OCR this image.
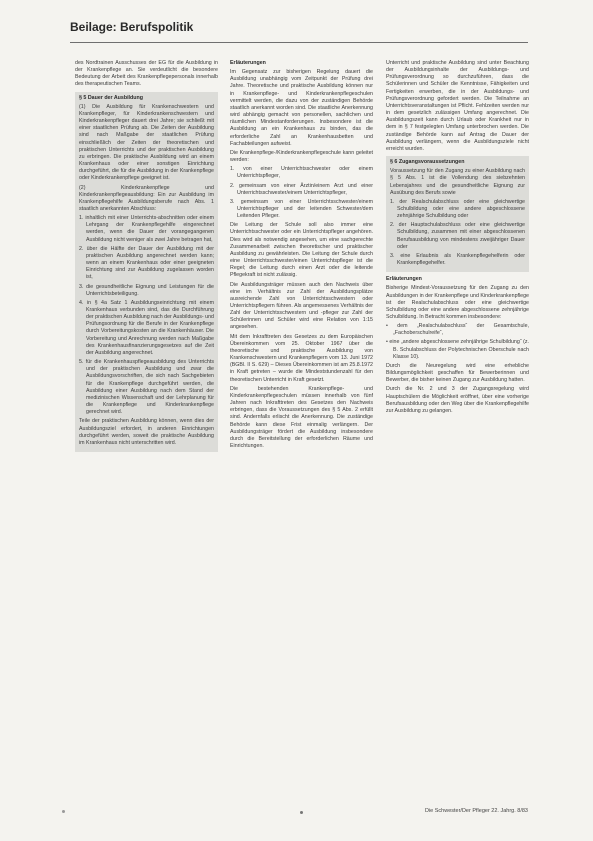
Beilage: Berufspolitik

des Nordtrainen Ausschusses der EG für die Ausbildung in der Krankenpflege an. Sie verdeutlicht die besondere Bedeutung der Arbeit des Krankenpflegepersonals innerhalb des therapeutischen Teams.

§ 5 Dauer der Ausbildung

(1) Die Ausbildung für Krankenschwestern und Krankenpfleger, für Kinderkrankenschwestern und Kinderkrankenpfleger dauert drei Jahre; sie schließt mit einer staatlichen Prüfung ab. Die Zeiten der Ausbildung sind nach Maßgabe der staatlichen Prüfung einschließlich der Zeiten der theoretischen und praktischen Unterrichts und der praktischen Ausbildung zu erbringen. Die praktische Ausbildung wird an einem Krankenhaus oder einer sonstigen Einrichtung durchgeführt, die für die Ausbildung in der Krankenpflege oder Kinderkrankenpflege geeignet ist.

(2) Kinderkrankenpflege und Kinderkrankenpflegeausbildung: Ein zur Ausbildung im Krankenpflegehilfe Ausbildungsberufe nach Abs. 1 staatlich anerkannten Abschluss:

1. inhaltlich mit einer Unterrichts-abschnitten oder einem Lehrgang der Krankenpflegehilfe eingerechnet werden, wenn die Dauer der vorangegangenen Ausbildung nicht weniger als zwei Jahre betragen hat,

2. über die Hälfte der Dauer der Ausbildung mit der praktischen Ausbildung angerechnet werden kann; wenn an einem Krankenhaus oder einer geeigneten Einrichtung sind zur Ausbildung zugelassen worden ist,

3. die gesundheitliche Eignung und Leistungen für die Unterrichtsbeteiligung.

4. in § 4a Satz 1 Ausbildungseinrichtung mit einem Krankenhaus verbunden sind, das die Durchführung der praktischen Ausbildung nach der Ausbildungs- und Prüfungsordnung für die Berufe in der Krankenpflege durch Vorbereitungskosten an die Krankenhäuser. Die Vorbereitung und Anrechnung werden nach Maßgabe des Krankenhausfinanzierungsgesetzes auf die Zeit der Ausbildung angerechnet.

5. für die Krankenhauspflegeausbildung des Unterrichts und der praktischen Ausbildung und zwar die Ausbildungsvorschriften, die sich nach Sachgebieten für die Krankenpflege durchgeführt werden, die Ausbildung einer Ausbildung nach dem Stand der medizinischen Wissenschaft und der Lehrplanung für die Krankenpflege und Kinderkrankenpflege gerechnet wird.

Teile der praktischen Ausbildung können, wenn dies der Ausbildungsziel erfordert, in anderen Einrichtungen durchgeführt werden, soweit die praktische Ausbildung im Krankenhaus nicht unterschritten wird.

Erläuterungen

Im Gegensatz zur bisherigen Regelung dauert die Ausbildung unabhängig vom Zeitpunkt der Prüfung drei Jahre. Theoretische und praktische Ausbildung können nur in Krankenpflege- und Kinderkrankenpflegeschulen vermittelt werden, die dazu von der zuständigen Behörde staatlich anerkannt worden sind. Die staatliche Anerkennung wird abhängig gemacht von personellen, sachlichen und räumlichen Mindestanforderungen. Insbesondere ist die Ausbildung an ein Krankenhaus zu binden, das die erforderliche Zahl an Krankenhausbetten und Fachabteilungen aufweist.

Die Krankenpflege-/Kinderkrankenpflegeschule kann geleitet werden:

1. von einer Unterrichtsschwester oder einem Unterrichtspfleger,

2. gemeinsam von einer Ärztin/einem Arzt und einer Unterrichtsschwester/einem Unterrichtspfleger,

3. gemeinsam von einer Unterrichtsschwester/einem Unterrichtspfleger und der leitenden Schwester/dem Leitenden Pfleger.

Die Leitung der Schule soll also immer eine Unterrichtsschwester oder ein Unterrichtspfleger angehören. Dies wird als notwendig angesehen, um eine sachgerechte Zusammenarbeit zwischen theoretischer und praktischer Ausbildung zu gewährleisten. Die Leitung der Schule durch eine Unterrichtsschwester/einen Unterrichtspfleger ist die Regel; die Leitung durch einen Arzt oder die leitende Pflegekraft ist nicht zulässig.

Die Ausbildungsträger müssen auch den Nachweis über eine im Verhältnis zur Zahl der Ausbildungsplätze ausreichende Zahl von Unterrichtsschwestern oder Unterrichtspflegern führen. Als angemessenes Verhältnis der Zahl der Unterrichtsschwestern und -pfleger zur Zahl der Schülerinnen und Schüler wird eine Relation von 1:15 angesehen.

Mit dem Inkrafttreten des Gesetzes zu dem Europäischen Übereinkommen vom 25. Oktober 1967 über die theoretische und praktische Ausbildung von Krankenschwestern und Krankenpflegern vom 13. Juni 1972 (BGBl. II S. 629) – Dieses Übereinkommen ist am 25.8.1972 in Kraft getreten – wurde die Mindeststundenzahl für den theoretischen Unterricht in Kraft gesetzt.

Die bestehenden Krankenpflege- und Kinderkrankenpflegeschulen müssen innerhalb von fünf Jahren nach Inkrafttreten des Gesetzes den Nachweis erbringen, dass die Voraussetzungen des § 5 Abs. 2 erfüllt sind. Andernfalls erlischt die Anerkennung. Die zuständige Behörde kann diese Frist einmalig verlängern. Der Ausbildungsträger fördert die Ausbildung insbesondere durch die Bereitstellung der erforderlichen Räume und Einrichtungen.

Unterricht und praktische Ausbildung sind unter Beachtung der Ausbildungsinhalte der Ausbildungs- und Prüfungsverordnung so durchzuführen, dass die Schülerinnen und Schüler die Kenntnisse, Fähigkeiten und Fertigkeiten erwerben, die in der Ausbildungs- und Prüfungsverordnung gefordert werden. Die Teilnahme an Unterrichtsveranstaltungen ist Pflicht. Fehlzeiten werden nur in dem gesetzlich zulässigen Umfang angerechnet. Die Ausbildungszeit kann durch Urlaub oder Krankheit nur in dem in § 7 festgelegten Umfang unterbrochen werden. Die zuständige Behörde kann auf Antrag die Dauer der Ausbildung verlängern, wenn die Ausbildungsziele nicht erreicht wurden.

§ 6 Zugangsvoraussetzungen

Voraussetzung für den Zugang zu einer Ausbildung nach § 5 Abs. 1 ist die Vollendung des siebzehnten Lebensjahres und die gesundheitliche Eignung zur Ausübung des Berufs sowie

1. der Realschulabschluss oder eine gleichwertige Schulbildung oder eine andere abgeschlossene zehnjährige Schulbildung oder

2. der Hauptschulabschluss oder eine gleichwertige Schulbildung, zusammen mit einer abgeschlossenen Berufsausbildung von mindestens zweijähriger Dauer oder

3. eine Erlaubnis als Krankenpflegehelferin oder Krankenpflegehelfer.

Erläuterungen

Bisherige Mindest-Voraussetzung für den Zugang zu den Ausbildungen in der Krankenpflege und Kinderkrankenpflege ist der Realschulabschluss oder eine gleichwertige Schulbildung oder eine andere abgeschlossene zehnjährige Schulbildung. In Betracht kommen insbesondere:

• dem „Realschulabschluss“ der Gesamtschule, „Fachoberschulreife“,

• eine „andere abgeschlossene zehnjährige Schulbildung“ (z. B. Schulabschluss der Polytechnischen Oberschule nach Klasse 10).

Durch die Neuregelung wird eine erhebliche Bildungsmöglichkeit geschaffen für Bewerberinnen und Bewerber, die bisher keinen Zugang zur Ausbildung hatten.

Durch die Nr. 2 und 3 der Zugangsregelung wird Hauptschülern die Möglichkeit eröffnet, über eine vorherige Berufsausbildung oder den Weg über die Krankenpflegehilfe zur Ausbildung zu gelangen.

Die Schwester/Der Pfleger 22. Jahrg. 8/83
